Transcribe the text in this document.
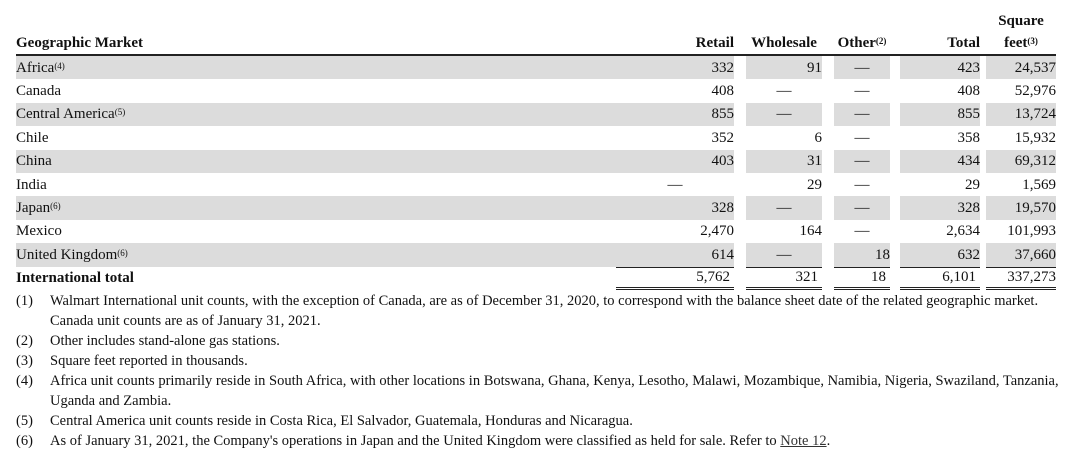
Geographic Market	Retail		Wholesale		Other$^{(2)}$		Total		Square
feet$^{(3)}$
Africa$^{(4)}$	332		91		—		423		24,537
Canada	408		—		—		408		52,976
Central America$^{(5)}$	855		—		—		855		13,724
Chile	352		6		—		358		15,932
China	403		31		—		434		69,312
India	—		29		—		29		1,569
Japan$^{(6)}$	328		—		—		328		19,570
Mexico	2,470		164		—		2,634		101,993
United Kingdom$^{(6)}$	614		—		18		632		37,660
International total	5,762		321		18		6,101		337,273
(1)	Walmart International unit counts, with the exception of Canada, are as of December 31, 2020, to correspond with the balance sheet date of the related geographic market. Canada unit counts are as of January 31, 2021.
(2)	Other includes stand-alone gas stations.
(3)	Square feet reported in thousands.
(4)	Africa unit counts primarily reside in South Africa, with other locations in Botswana, Ghana, Kenya, Lesotho, Malawi, Mozambique, Namibia, Nigeria, Swaziland, Tanzania, Uganda and Zambia.
(5)	Central America unit counts reside in Costa Rica, El Salvador, Guatemala, Honduras and Nicaragua.
(6)	As of January 31, 2021, the Company's operations in Japan and the United Kingdom were classified as held for sale. Refer to Note 12.
